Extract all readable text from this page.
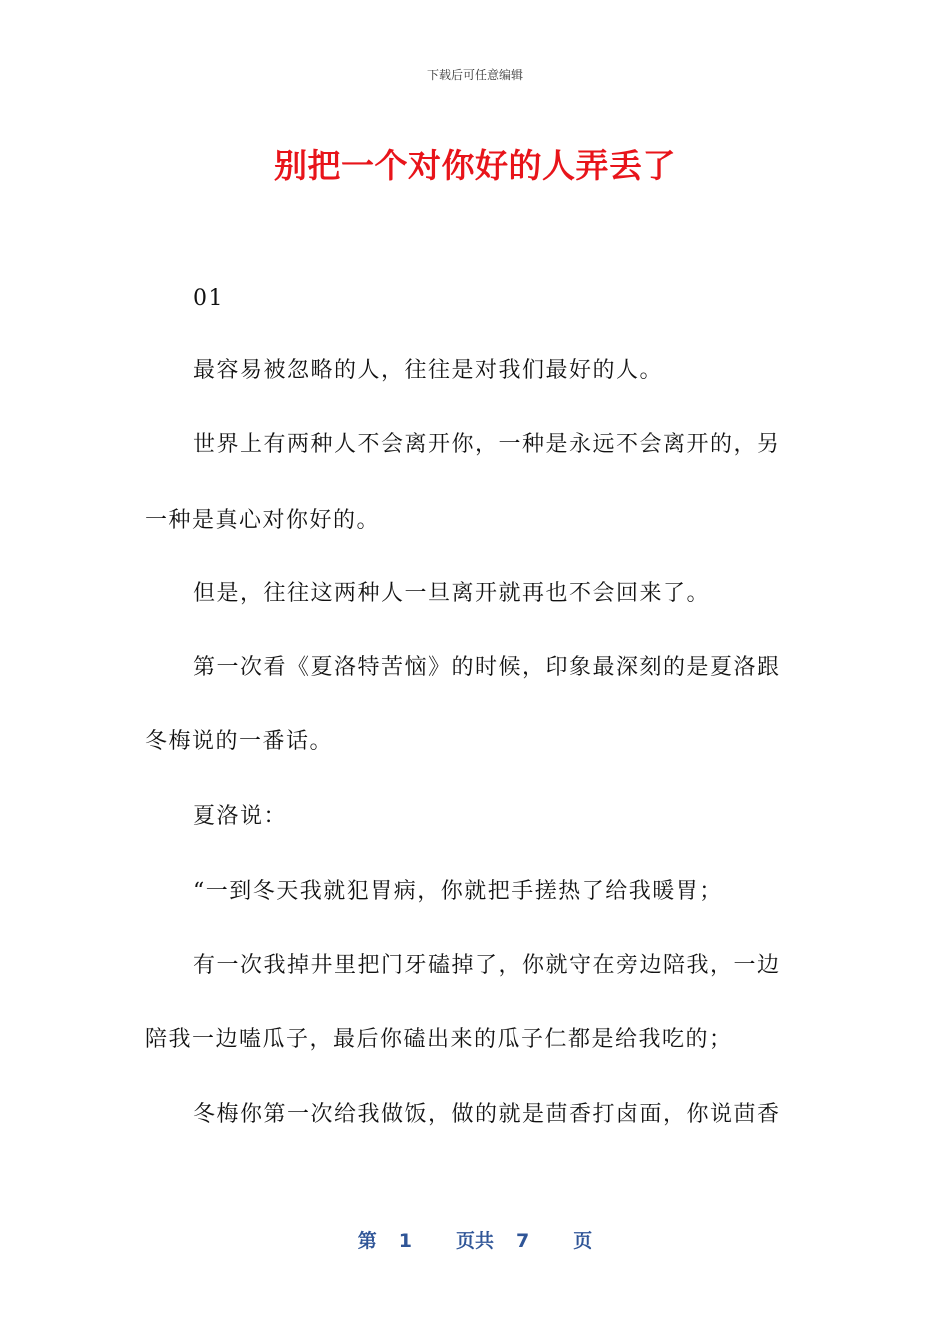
下载后可任意编辑
别把一个对你好的人弄丢了
01
最容易被忽略的人，往往是对我们最好的人。
世界上有两种人不会离开你，一种是永远不会离开的，另
一种是真心对你好的。
但是，往往这两种人一旦离开就再也不会回来了。
第一次看《夏洛特苦恼》的时候，印象最深刻的是夏洛跟
冬梅说的一番话。
夏洛说：
“一到冬天我就犯胃病，你就把手搓热了给我暖胃；
有一次我掉井里把门牙磕掉了，你就守在旁边陪我，一边
陪我一边嗑瓜子，最后你磕出来的瓜子仁都是给我吃的；
冬梅你第一次给我做饭，做的就是茴香打卤面，你说茴香
第 1 页共 7 页
